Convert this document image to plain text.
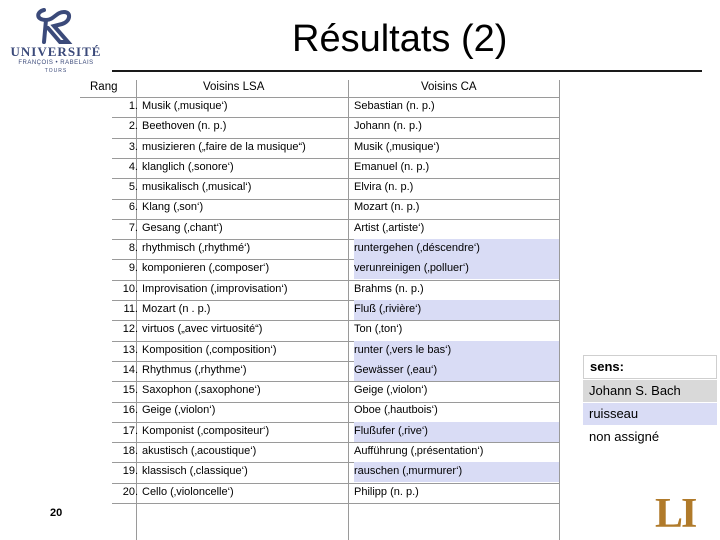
UNIVERSITÉ
FRANÇOIS • RABELAIS
TOURS
Résultats (2)
Rang	Voisins LSA	Voisins CA
1. Musik (‚musique‘)	Sebastian (n. p.)
2. Beethoven (n. p.)	Johann (n. p.)
3. musizieren („faire de la musique“)	Musik (‚musique‘)
4. klanglich (‚sonore‘)	Emanuel (n. p.)
5. musikalisch (‚musical‘)	Elvira (n. p.)
6. Klang (‚son‘)	Mozart (n. p.)
7. Gesang (‚chant‘)	Artist (‚artiste‘)
8. rhythmisch (‚rhythmé‘)	runtergehen (‚déscendre‘)
9. komponieren (‚composer‘)	verunreinigen (‚polluer‘)
10. Improvisation (‚improvisation‘)	Brahms (n. p.)
11. Mozart (n . p.)	Fluß (‚rivière‘)
12. virtuos („avec virtuosité“)	Ton (‚ton‘)
13. Komposition (‚composition‘)	runter (‚vers le bas‘)
14. Rhythmus (‚rhythme‘)	Gewässer (‚eau‘)
15. Saxophon (‚saxophone‘)	Geige (‚violon‘)
16. Geige (‚violon‘)	Oboe (‚hautbois‘)
17. Komponist (‚compositeur‘)	Flußufer (‚rive‘)
18. akustisch (‚acoustique‘)	Aufführung (‚présentation‘)
19. klassisch (‚classique‘)	rauschen (‚murmurer‘)
20. Cello (‚violoncelle‘)	Philipp (n. p.)
20
sens:
Johann S. Bach
ruisseau
non assigné
LI
